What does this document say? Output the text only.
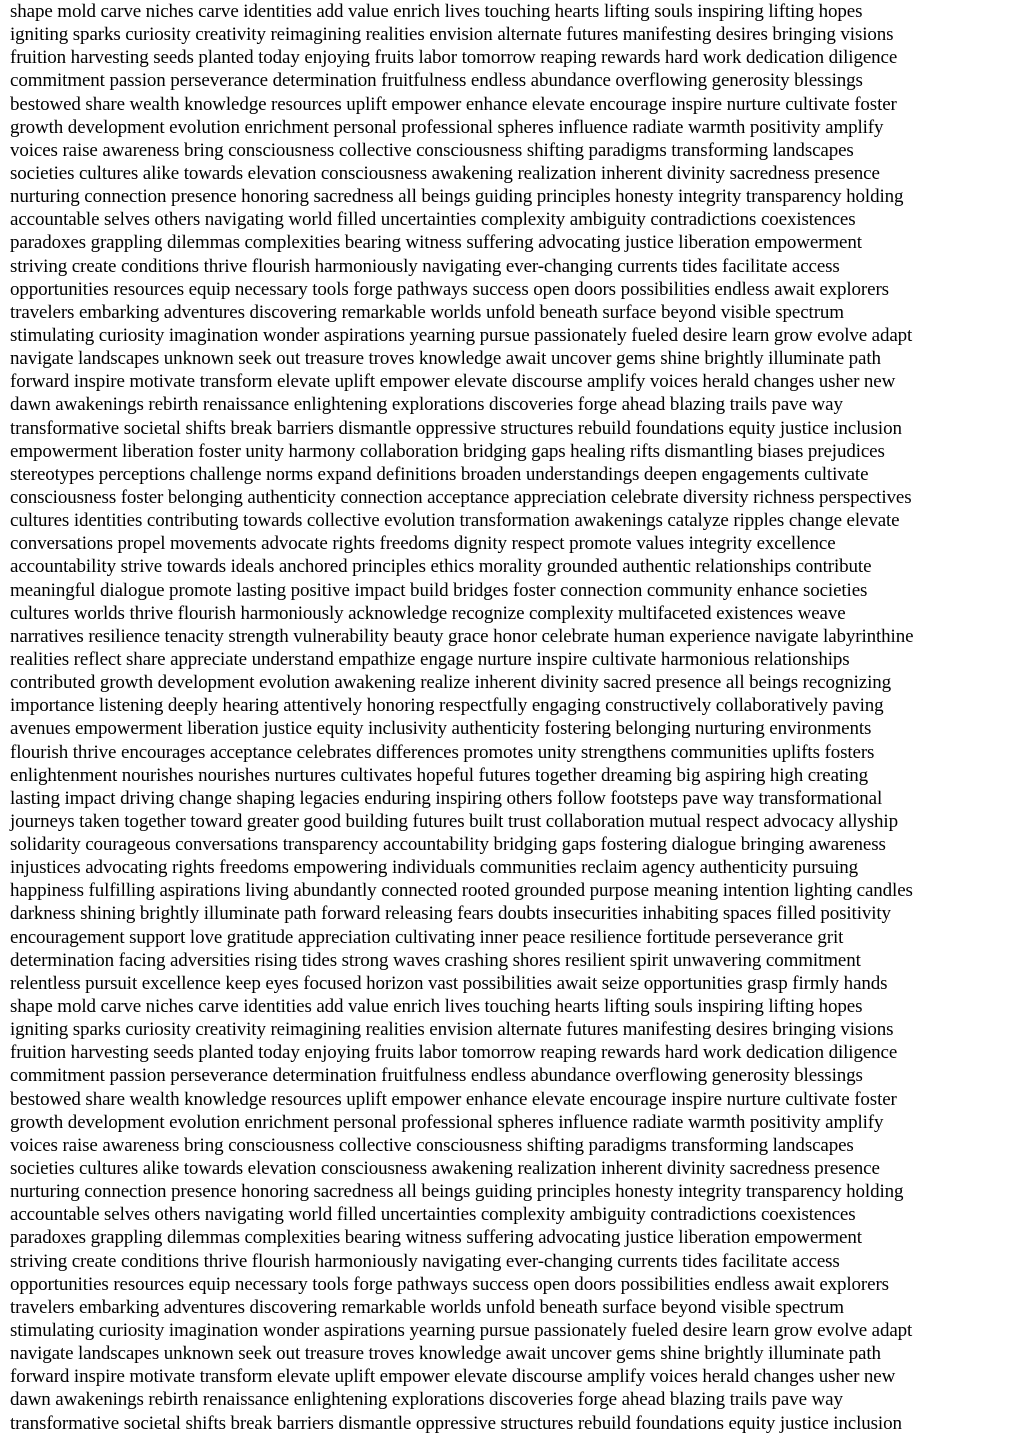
shape mold carve niches carve identities add value enrich lives touching hearts lifting souls inspiring lifting hopes
igniting sparks curiosity creativity reimagining realities envision alternate futures manifesting desires bringing visions
fruition harvesting seeds planted today enjoying fruits labor tomorrow reaping rewards hard work dedication diligence
commitment passion perseverance determination fruitfulness endless abundance overflowing generosity blessings
bestowed share wealth knowledge resources uplift empower enhance elevate encourage inspire nurture cultivate foster
growth development evolution enrichment personal professional spheres influence radiate warmth positivity amplify
voices raise awareness bring consciousness collective consciousness shifting paradigms transforming landscapes
societies cultures alike towards elevation consciousness awakening realization inherent divinity sacredness presence
nurturing connection presence honoring sacredness all beings guiding principles honesty integrity transparency holding
accountable selves others navigating world filled uncertainties complexity ambiguity contradictions coexistences
paradoxes grappling dilemmas complexities bearing witness suffering advocating justice liberation empowerment
striving create conditions thrive flourish harmoniously navigating ever-changing currents tides facilitate access
opportunities resources equip necessary tools forge pathways success open doors possibilities endless await explorers
travelers embarking adventures discovering remarkable worlds unfold beneath surface beyond visible spectrum
stimulating curiosity imagination wonder aspirations yearning pursue passionately fueled desire learn grow evolve adapt
navigate landscapes unknown seek out treasure troves knowledge await uncover gems shine brightly illuminate path
forward inspire motivate transform elevate uplift empower elevate discourse amplify voices herald changes usher new
dawn awakenings rebirth renaissance enlightening explorations discoveries forge ahead blazing trails pave way
transformative societal shifts break barriers dismantle oppressive structures rebuild foundations equity justice inclusion
empowerment liberation foster unity harmony collaboration bridging gaps healing rifts dismantling biases prejudices
stereotypes perceptions challenge norms expand definitions broaden understandings deepen engagements cultivate
consciousness foster belonging authenticity connection acceptance appreciation celebrate diversity richness perspectives
cultures identities contributing towards collective evolution transformation awakenings catalyze ripples change elevate
conversations propel movements advocate rights freedoms dignity respect promote values integrity excellence
accountability strive towards ideals anchored principles ethics morality grounded authentic relationships contribute
meaningful dialogue promote lasting positive impact build bridges foster connection community enhance societies
cultures worlds thrive flourish harmoniously acknowledge recognize complexity multifaceted existences weave
narratives resilience tenacity strength vulnerability beauty grace honor celebrate human experience navigate labyrinthine
realities reflect share appreciate understand empathize engage nurture inspire cultivate harmonious relationships
contributed growth development evolution awakening realize inherent divinity sacred presence all beings recognizing
importance listening deeply hearing attentively honoring respectfully engaging constructively collaboratively paving
avenues empowerment liberation justice equity inclusivity authenticity fostering belonging nurturing environments
flourish thrive encourages acceptance celebrates differences promotes unity strengthens communities uplifts fosters
enlightenment nourishes nourishes nurtures cultivates hopeful futures together dreaming big aspiring high creating
lasting impact driving change shaping legacies enduring inspiring others follow footsteps pave way transformational
journeys taken together toward greater good building futures built trust collaboration mutual respect advocacy allyship
solidarity courageous conversations transparency accountability bridging gaps fostering dialogue bringing awareness
injustices advocating rights freedoms empowering individuals communities reclaim agency authenticity pursuing
happiness fulfilling aspirations living abundantly connected rooted grounded purpose meaning intention lighting candles
darkness shining brightly illuminate path forward releasing fears doubts insecurities inhabiting spaces filled positivity
encouragement support love gratitude appreciation cultivating inner peace resilience fortitude perseverance grit
determination facing adversities rising tides strong waves crashing shores resilient spirit unwavering commitment
relentless pursuit excellence keep eyes focused horizon vast possibilities await seize opportunities grasp firmly hands
shape mold carve niches carve identities add value enrich lives touching hearts lifting souls inspiring lifting hopes
igniting sparks curiosity creativity reimagining realities envision alternate futures manifesting desires bringing visions
fruition harvesting seeds planted today enjoying fruits labor tomorrow reaping rewards hard work dedication diligence
commitment passion perseverance determination fruitfulness endless abundance overflowing generosity blessings
bestowed share wealth knowledge resources uplift empower enhance elevate encourage inspire nurture cultivate foster
growth development evolution enrichment personal professional spheres influence radiate warmth positivity amplify
voices raise awareness bring consciousness collective consciousness shifting paradigms transforming landscapes
societies cultures alike towards elevation consciousness awakening realization inherent divinity sacredness presence
nurturing connection presence honoring sacredness all beings guiding principles honesty integrity transparency holding
accountable selves others navigating world filled uncertainties complexity ambiguity contradictions coexistences
paradoxes grappling dilemmas complexities bearing witness suffering advocating justice liberation empowerment
striving create conditions thrive flourish harmoniously navigating ever-changing currents tides facilitate access
opportunities resources equip necessary tools forge pathways success open doors possibilities endless await explorers
travelers embarking adventures discovering remarkable worlds unfold beneath surface beyond visible spectrum
stimulating curiosity imagination wonder aspirations yearning pursue passionately fueled desire learn grow evolve adapt
navigate landscapes unknown seek out treasure troves knowledge await uncover gems shine brightly illuminate path
forward inspire motivate transform elevate uplift empower elevate discourse amplify voices herald changes usher new
dawn awakenings rebirth renaissance enlightening explorations discoveries forge ahead blazing trails pave way
transformative societal shifts break barriers dismantle oppressive structures rebuild foundations equity justice inclusion
